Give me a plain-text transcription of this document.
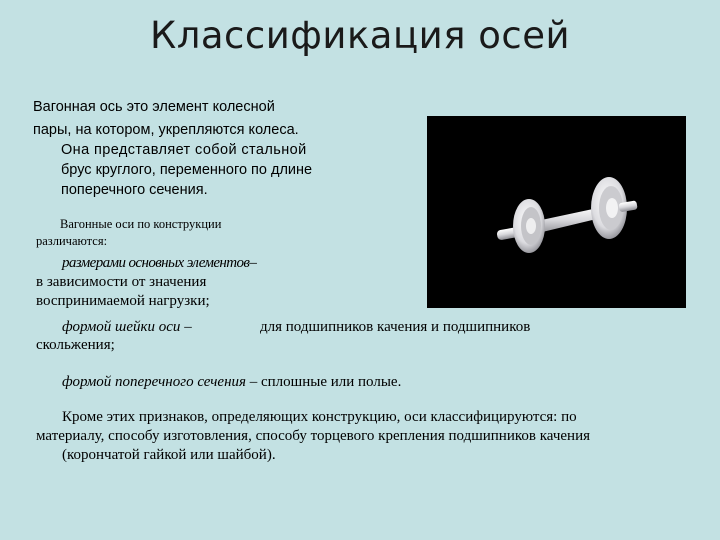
Классификация осей
Вагонная ось это элемент колесной
пары, на котором, укрепляются колеса.
Она представляет собой стальной
брус круглого, переменного по длине
поперечного сечения.
Вагонные оси по конструкции
различаются:
размерами основных элементов–
в зависимости от значения
воспринимаемой нагрузки;
формой шейки оси –	для подшипников качения и подшипников
скольжения;
формой поперечного сечения – сплошные или полые.
Кроме этих признаков, определяющих конструкцию, оси классифицируются: по
материалу, способу изготовления, способу торцевого крепления подшипников качения
(корончатой гайкой или шайбой).
